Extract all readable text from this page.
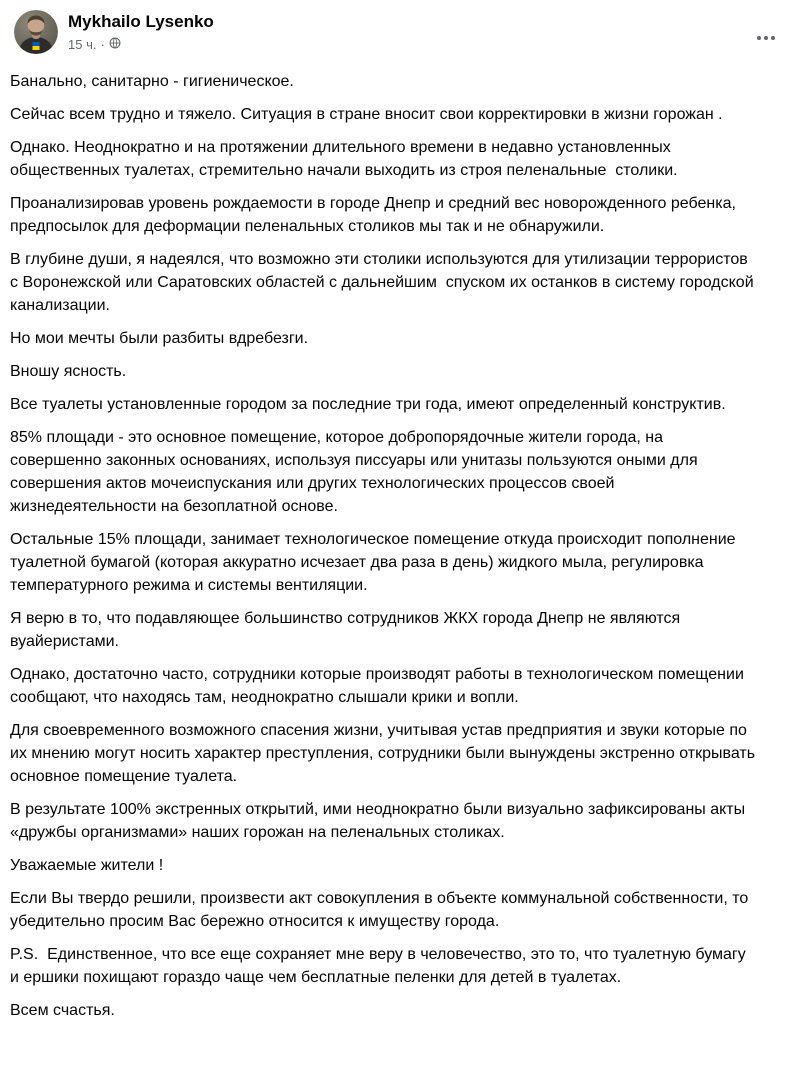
Mykhailo Lysenko
15 ч. ·

Банально, санитарно - гигиеническое.

Сейчас всем трудно и тяжело. Ситуация в стране вносит свои корректировки в жизни горожан .

Однако. Неоднократно и на протяжении длительного времени в недавно установленных общественных туалетах, стремительно начали выходить из строя пеленальные  столики.

Проанализировав уровень рождаемости в городе Днепр и средний вес новорожденного ребенка, предпосылок для деформации пеленальных столиков мы так и не обнаружили.

В глубине души, я надеялся, что возможно эти столики используются для утилизации террористов с Воронежской или Саратовских областей с дальнейшим  спуском их останков в систему городской канализации.

Но мои мечты были разбиты вдребезги.

Вношу ясность.

Все туалеты установленные городом за последние три года, имеют определенный конструктив.

85% площади - это основное помещение, которое добропорядочные жители города, на совершенно законных основаниях, используя писсуары или унитазы пользуются оными для совершения актов мочеиспускания или других технологических процессов своей жизнедеятельности на безоплатной основе.

Остальные 15% площади, занимает технологическое помещение откуда происходит пополнение туалетной бумагой (которая аккуратно исчезает два раза в день) жидкого мыла, регулировка температурного режима и системы вентиляции.

Я верю в то, что подавляющее большинство сотрудников ЖКХ города Днепр не являются вуайеристами.

Однако, достаточно часто, сотрудники которые производят работы в технологическом помещении сообщают, что находясь там, неоднократно слышали крики и вопли.

Для своевременного возможного спасения жизни, учитывая устав предприятия и звуки которые по их мнению могут носить характер преступления, сотрудники были вынуждены экстренно открывать основное помещение туалета.

В результате 100% экстренных открытий, ими неоднократно были визуально зафиксированы акты «дружбы организмами» наших горожан на пеленальных столиках.

Уважаемые жители !

Если Вы твердо решили, произвести акт совокупления в объекте коммунальной собственности, то убедительно просим Вас бережно относится к имуществу города.

P.S.  Единственное, что все еще сохраняет мне веру в человечество, это то, что туалетную бумагу и ершики похищают гораздо чаще чем бесплатные пеленки для детей в туалетах.

Всем счастья.
